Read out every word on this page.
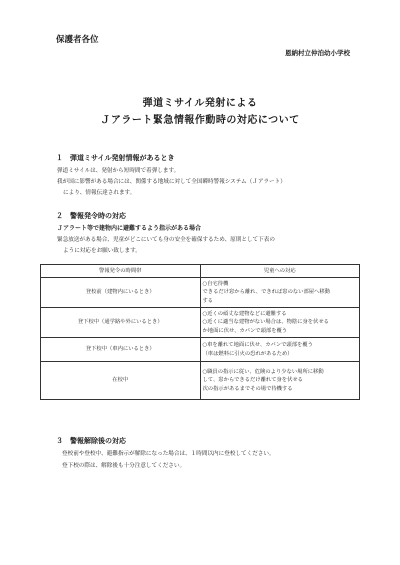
保護者各位
恩納村立仲泊幼小学校
弾道ミサイル発射による
Ｊアラート緊急情報作動時の対応について
１　弾道ミサイル発射情報があるとき
弾道ミサイルは、発射から短時間で着弾します。
我が国に影響がある場合には、関係する地域に対して全国瞬時警報システム（Ｊアラート）
により、情報伝達されます。
２　警報発令時の対応
Ｊアラート等で建物内に避難するよう指示がある場合
緊急放送がある場合、児童がどこにいても身の安全を確保するため、原則として下表の
ように対応をお願い致します。
警報発令の時間帯	児童への対応
登校前（建物内にいるとき）	○自宅待機
できるだけ窓から離れ、できれば窓のない部屋へ移動
する

登下校中（通学路や外にいるとき）	○近くの頑丈な建物などに避難する
○近くに適当な建物がない場合は、物陰に身を伏せる
か地面に伏せ、カバンで頭部を覆う

登下校中（車内にいるとき）	○車を離れて地面に伏せ、カバンで頭部を覆う
（車は燃料に引火の恐れがあるため）

在校中	○職員の指示に従い、危険のより少ない場所に移動
して、窓からできるだけ離れて身を伏せる
次の指示があるまでその場で待機する
３　警報解除後の対応
登校前や登校中、避難指示が解除になった場合は、１時間以内に登校してください。
登下校の際は、解除後も十分注意してください。
